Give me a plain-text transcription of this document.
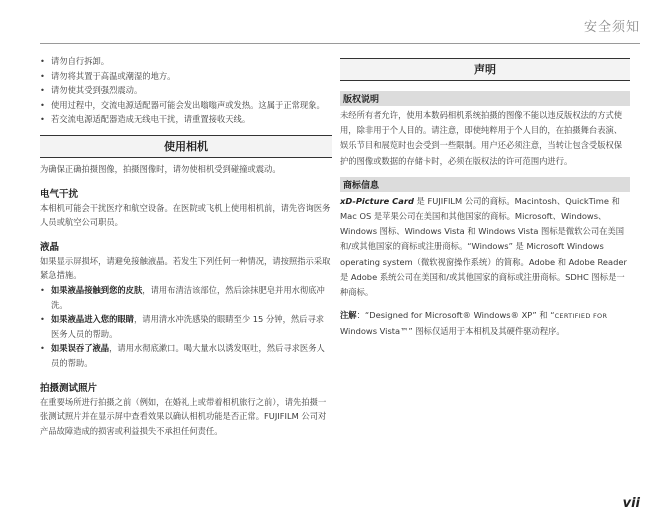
安全须知
• 请勿自行拆卸。
• 请勿将其置于高温或潮湿的地方。
• 请勿使其受到强烈震动。
• 使用过程中，交流电源适配器可能会发出嗡嗡声或发热。这属于正常现象。
• 若交流电源适配器造成无线电干扰，请重置接收天线。
使用相机

为确保正确拍摄图像，拍摄图像时，请勿使相机受到碰撞或震动。

电气干扰

本相机可能会干扰医疗和航空设备。在医院或飞机上使用相机前，请先咨询医务人员或航空公司职员。

液晶

如果显示屏损坏，请避免接触液晶。若发生下列任何一种情况，请按照指示采取紧急措施。

• 如果液晶接触到您的皮肤，请用布清洁该部位，然后涂抹肥皂并用水彻底冲洗。
• 如果液晶进入您的眼睛，请用清水冲洗感染的眼睛至少 15 分钟，然后寻求医务人员的帮助。
• 如果误吞了液晶，请用水彻底漱口。喝大量水以诱发呕吐，然后寻求医务人员的帮助。
拍摄测试照片

在重要场所进行拍摄之前（例如，在婚礼上或带着相机旅行之前），请先拍摄一张测试照片并在显示屏中查看效果以确认相机功能是否正常。FUJIFILM 公司对产品故障造成的损害或利益损失不承担任何责任。

声明
版权说明

未经所有者允许，使用本数码相机系统拍摄的图像不能以违反版权法的方式使用，除非用于个人目的。请注意，即使纯粹用于个人目的，在拍摄舞台表演、娱乐节目和展览时也会受到一些限制。用户还必须注意，当转让包含受版权保护的图像或数据的存储卡时，必须在版权法的许可范围内进行。

商标信息

xD-Picture Card 是 FUJIFILM 公司的商标。Macintosh、QuickTime 和 Mac OS 是苹果公司在美国和其他国家的商标。Microsoft、Windows、Windows 图标、Windows Vista 和 Windows Vista 图标是微软公司在美国和/或其他国家的商标或注册商标。“Windows” 是 Microsoft Windows operating system（微软视窗操作系统）的简称。Adobe 和 Adobe Reader 是 Adobe 系统公司在美国和/或其他国家的商标或注册商标。SDHC 图标是一种商标。

注解：“Designed for Microsoft® Windows® XP” 和 “CERTIFIED FOR Windows Vista™” 图标仅适用于本相机及其硬件驱动程序。

vii
